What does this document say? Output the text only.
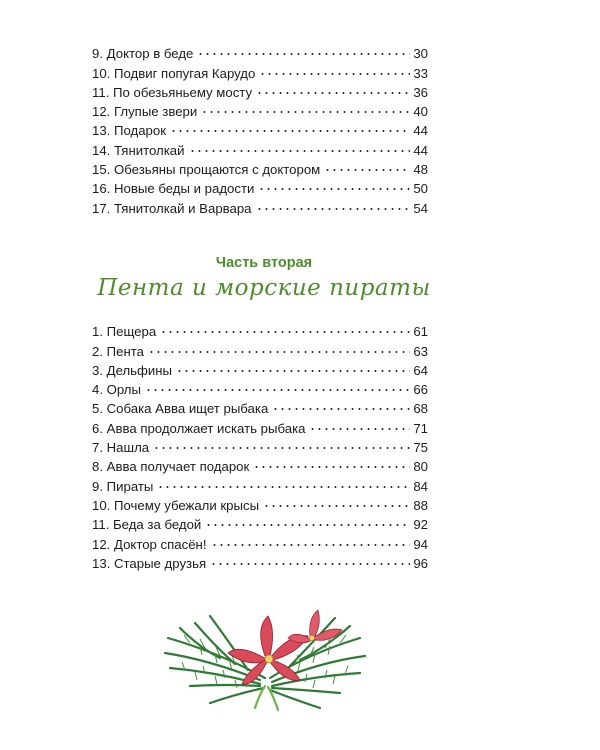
9. Доктор в беде	30
10. Подвиг попугая Карудо	33
11. По обезьяньему мосту	36
12. Глупые звери	40
13. Подарок	44
14. Тянитолкай	44
15. Обезьяны прощаются с доктором	48
16. Новые беды и радости	50
17. Тянитолкай и Варвара	54
Часть вторая
Пента и морские пираты
1. Пещера	61
2. Пента	63
3. Дельфины	64
4. Орлы	66
5. Собака Авва ищет рыбака	68
6. Авва продолжает искать рыбака	71
7. Нашла	75
8. Авва получает подарок	80
9. Пираты	84
10. Почему убежали крысы	88
11. Беда за бедой	92
12. Доктор спасён!	94
13. Старые друзья	96
